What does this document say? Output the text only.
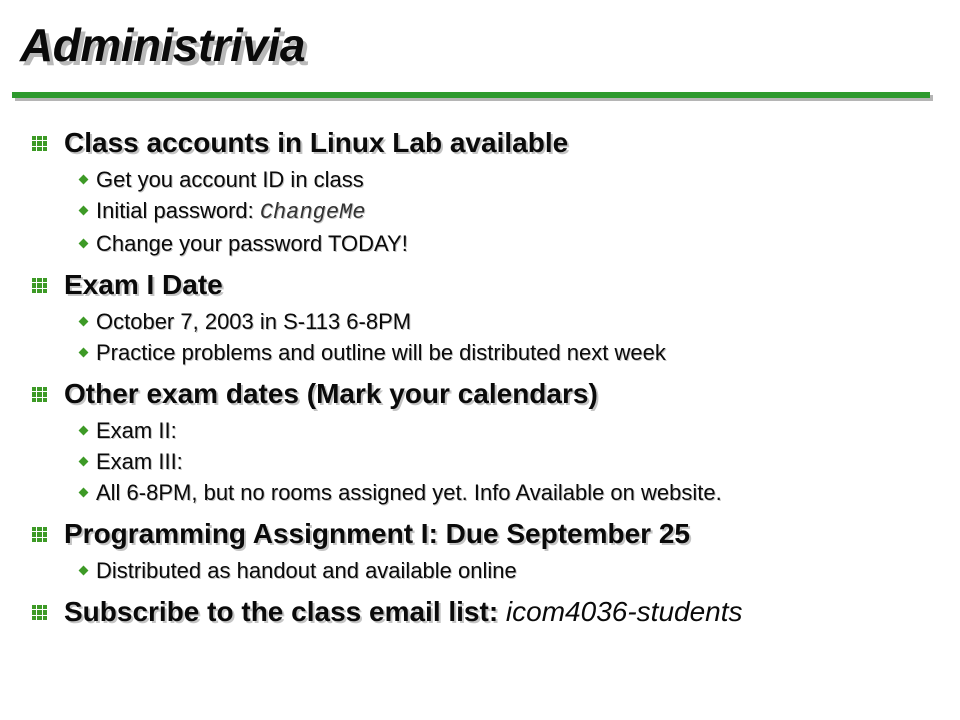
Administrivia
Class accounts in Linux Lab available
Get you account ID in class
Initial password: ChangeMe
Change your password TODAY!
Exam I Date
October 7, 2003 in S-113 6-8PM
Practice problems and outline will be distributed next week
Other exam dates (Mark your calendars)
Exam II:
Exam III:
All 6-8PM, but no rooms assigned yet. Info Available on website.
Programming Assignment I: Due September 25
Distributed as handout and available online
Subscribe to the class email list: icom4036-students
